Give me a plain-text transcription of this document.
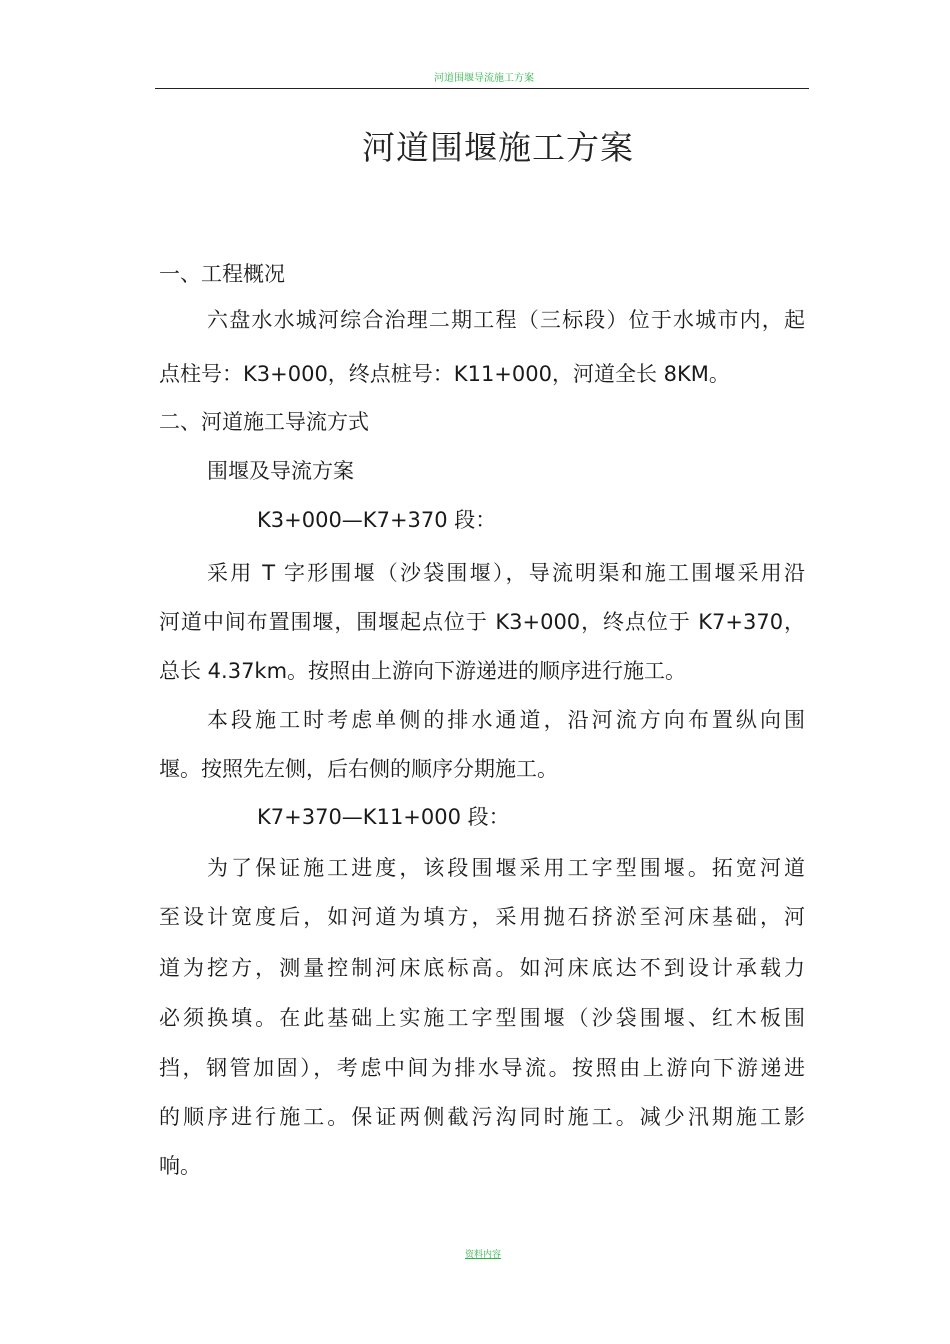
河道围堰导流施工方案
河道围堰施工方案
一、工程概况
六盘水水城河综合治理二期工程（三标段）位于水城市内，起
点柱号：K3+000，终点桩号：K11+000，河道全长 8KM。
二、河道施工导流方式
围堰及导流方案
K3+000—K7+370 段：
采用 T 字形围堰（沙袋围堰），导流明渠和施工围堰采用沿
河道中间布置围堰，围堰起点位于 K3+000，终点位于 K7+370，
总长 4.37km。按照由上游向下游递进的顺序进行施工。
本段施工时考虑单侧的排水通道，沿河流方向布置纵向围
堰。按照先左侧，后右侧的顺序分期施工。
K7+370—K11+000 段：
为了保证施工进度，该段围堰采用工字型围堰。拓宽河道
至设计宽度后，如河道为填方，采用抛石挤淤至河床基础，河
道为挖方，测量控制河床底标高。如河床底达不到设计承载力
必须换填。在此基础上实施工字型围堰（沙袋围堰、红木板围
挡，钢管加固），考虑中间为排水导流。按照由上游向下游递进
的顺序进行施工。保证两侧截污沟同时施工。减少汛期施工影
响。
资料内容
